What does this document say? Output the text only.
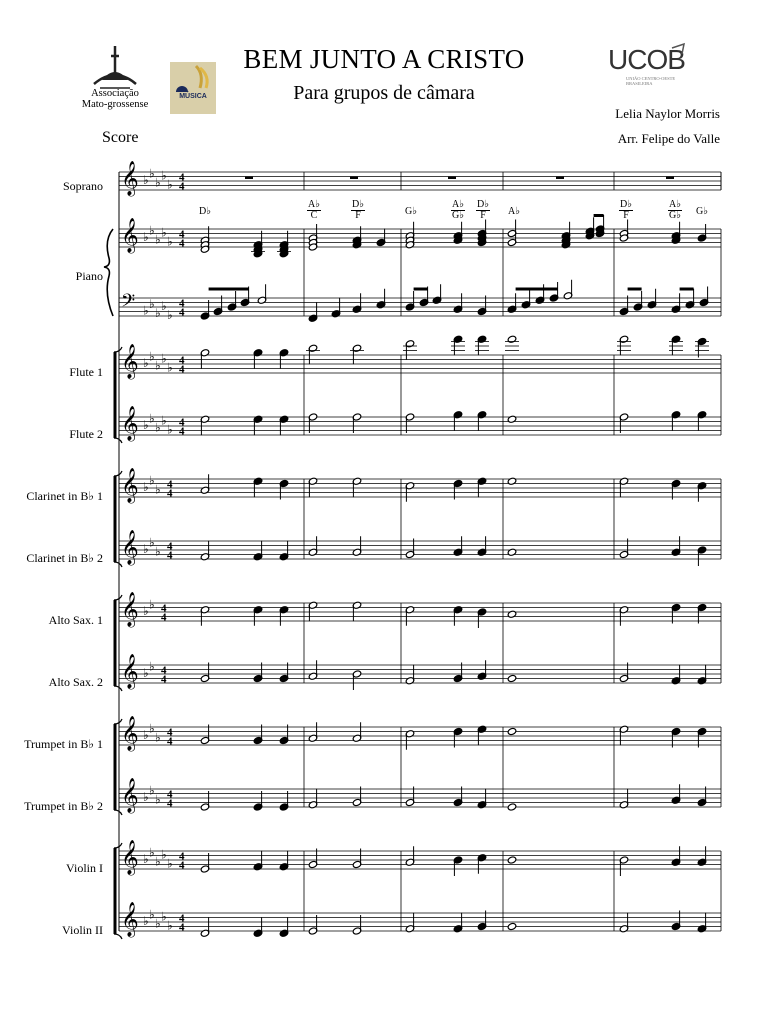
BEM JUNTO A CRISTO
Para grupos de câmara
Lelia Naylor Morris
Arr. Felipe do Valle
Score
Associação
Mato-grossense
MÚSICA
UCOB
UNIÃO CENTRO-OESTE BRASILEIRA
Soprano
Piano
Flute 1
Flute 2
Clarinet in B♭ 1
Clarinet in B♭ 2
Alto Sax. 1
Alto Sax. 2
Trumpet in B♭ 1
Trumpet in B♭ 2
Violin I
Violin II
D♭	$\frac{A♭}{C}$	$\frac{D♭}{F}$	G♭	$\frac{A♭}{G♭} \frac{D♭}{F}$ A♭	$\frac{D♭}{F}$	$\frac{A♭}{G♭}$ G♭
𝄞 ♭ ♭
♭ ♭
♭ 4
4
𝄞 ♭ ♭
♭ ♭
♭ 4
4
𝄢 ♭ ♭
♭ ♭
♭
4
4
𝄞 ♭ ♭
♭ ♭
♭ 4
4
𝄞 ♭ ♭
♭ ♭
♭ 4
4
𝄞 ♭ ♭
♭ 4
4
𝄞 ♭ ♭
♭ 4
4
𝄞 ♭ ♭ 4
4
𝄞 ♭ ♭ 4
4
𝄞 ♭ ♭
♭ 4
4
𝄞 ♭ ♭
♭ 4
4
𝄞 ♭ ♭
♭ ♭
♭ 4
4
𝄞 ♭ ♭
♭ ♭
♭ 4
4
